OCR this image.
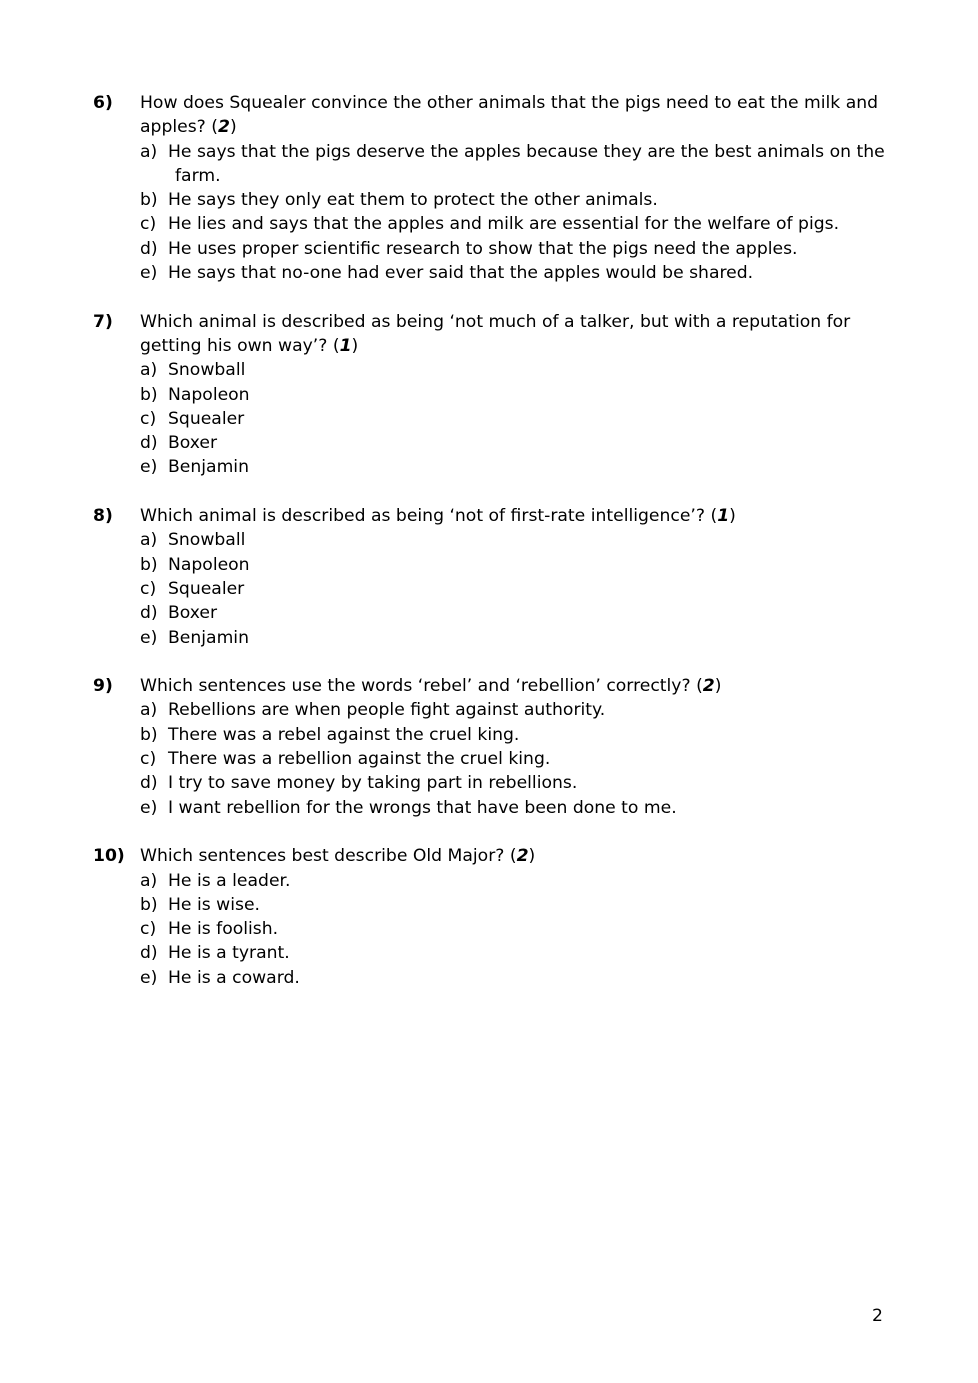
6) How does Squealer convince the other animals that the pigs need to eat the milk and apples? (2)
a) He says that the pigs deserve the apples because they are the best animals on the farm.
b) He says they only eat them to protect the other animals.
c) He lies and says that the apples and milk are essential for the welfare of pigs.
d) He uses proper scientific research to show that the pigs need the apples.
e) He says that no-one had ever said that the apples would be shared.
7) Which animal is described as being ‘not much of a talker, but with a reputation for getting his own way’? (1)
a) Snowball
b) Napoleon
c) Squealer
d) Boxer
e) Benjamin
8) Which animal is described as being ‘not of first-rate intelligence’? (1)
a) Snowball
b) Napoleon
c) Squealer
d) Boxer
e) Benjamin
9) Which sentences use the words ‘rebel’ and ‘rebellion’ correctly? (2)
a) Rebellions are when people fight against authority.
b) There was a rebel against the cruel king.
c) There was a rebellion against the cruel king.
d) I try to save money by taking part in rebellions.
e) I want rebellion for the wrongs that have been done to me.
10) Which sentences best describe Old Major? (2)
a) He is a leader.
b) He is wise.
c) He is foolish.
d) He is a tyrant.
e) He is a coward.
2
